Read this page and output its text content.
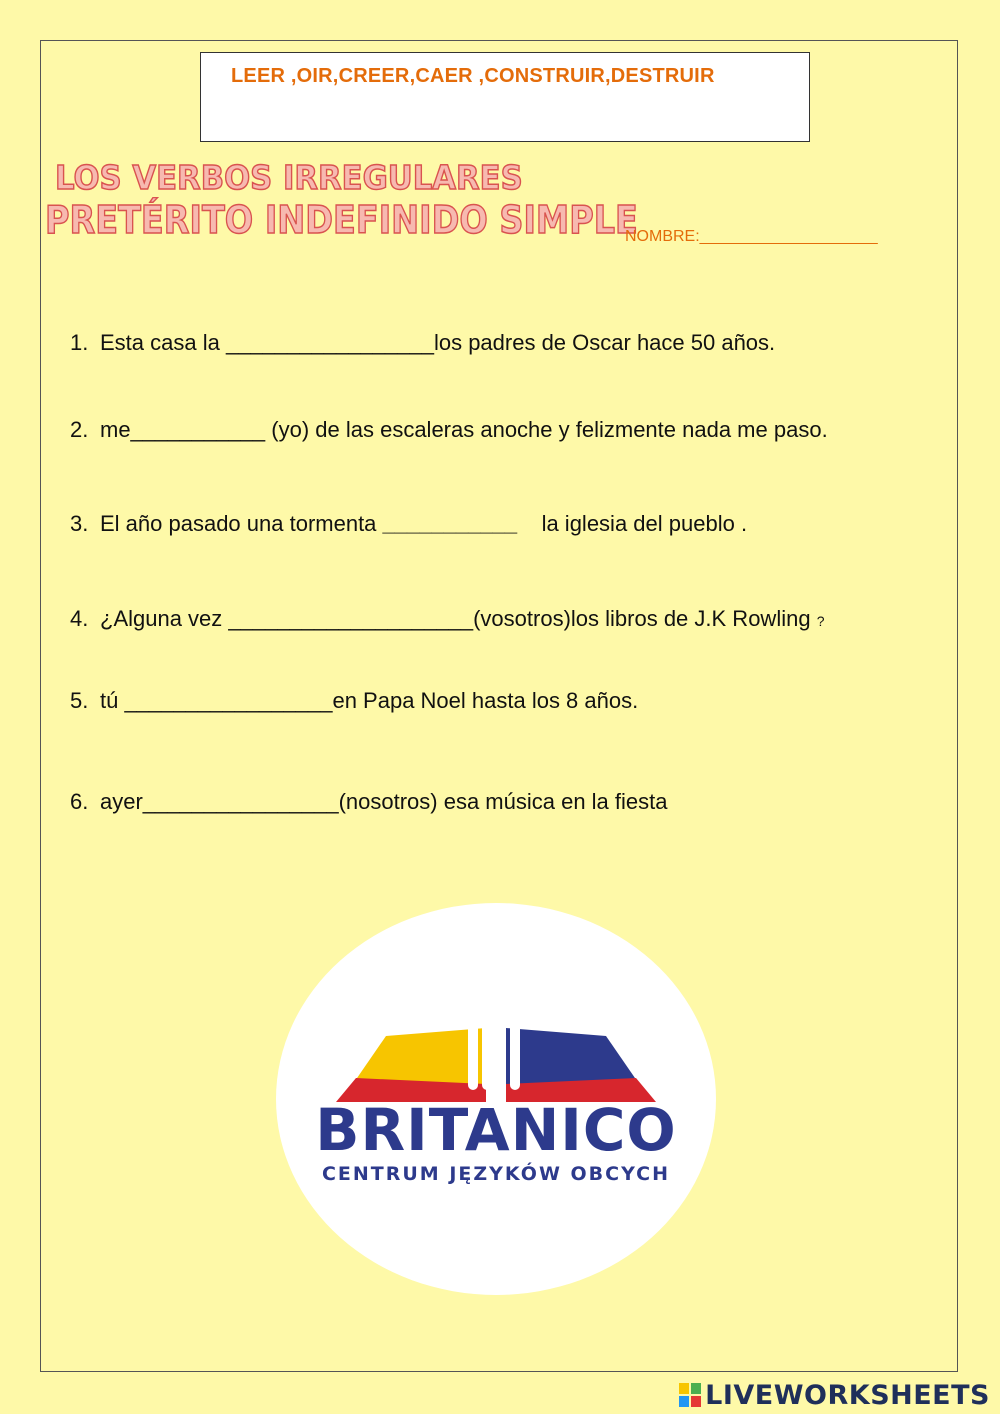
LEER ,OIR,CREER,CAER ,CONSTRUIR,DESTRUIR
LOS VERBOS IRREGULARES
PRETÉRITO INDEFINIDO SIMPLE
NOMBRE:____________________
1. Esta casa la _________________los padres de Oscar hace 50 años.
2. me___________ (yo) de las escaleras anoche y felizmente nada me paso.
3. El año pasado una tormenta ___________    la iglesia del pueblo .
4. ¿Alguna vez ____________________(vosotros)los libros de J.K Rowling ?
5. tú _________________en Papa Noel hasta los 8 años.
6. ayer________________(nosotros) esa música en la fiesta
BRITANICO
CENTRUM JĘZYKÓW OBCYCH
LIVEWORKSHEETS
